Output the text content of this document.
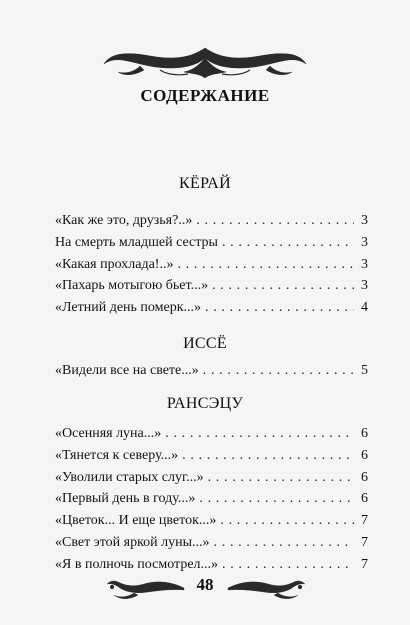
СОДЕРЖАНИЕ
КЁРАЙ
«Как же это, друзья?..» . . .	3
На смерть младшей сестры . . .	3
«Какая прохлада!..» . . .	3
«Пахарь мотыгою бьет...» . . .	3
«Летний день померк...» . . .	4
ИССЁ
«Видели все на свете...» . . .	5
РАНСЭЦУ
«Осенняя луна...» . . .	6
«Тянется к северу...» . . .	6
«Уволили старых слуг...» . . .	6
«Первый день в году...» . . .	6
«Цветок... И еще цветок...» . . .	7
«Свет этой яркой луны...» . . .	7
«Я в полночь посмотрел...» . . .	7
48
